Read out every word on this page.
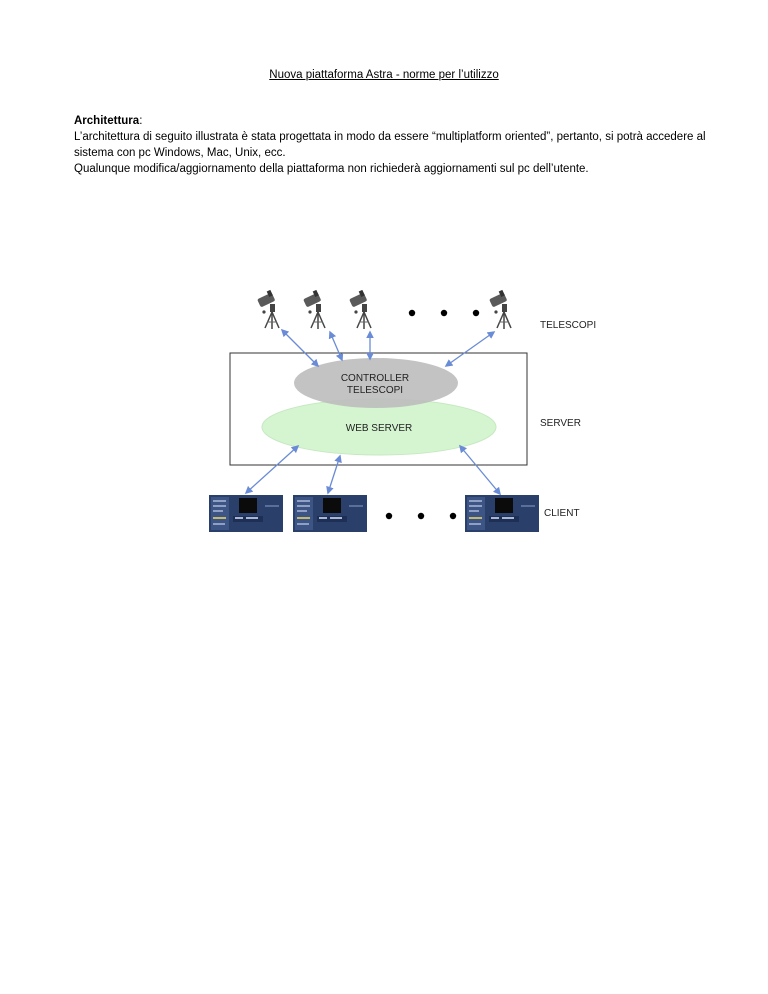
Nuova piattaforma Astra - norme per l’utilizzo
Architettura:
L’architettura di seguito illustrata è stata progettata in modo da essere “multiplatform oriented”, pertanto, si potrà accedere al sistema con pc Windows, Mac, Unix, ecc.
Qualunque modifica/aggiornamento della piattaforma non richiederà aggiornamenti sul pc dell’utente.
CONTROLLER
TELESCOPI
WEB SERVER
TELESCOPI
SERVER
CLIENT
